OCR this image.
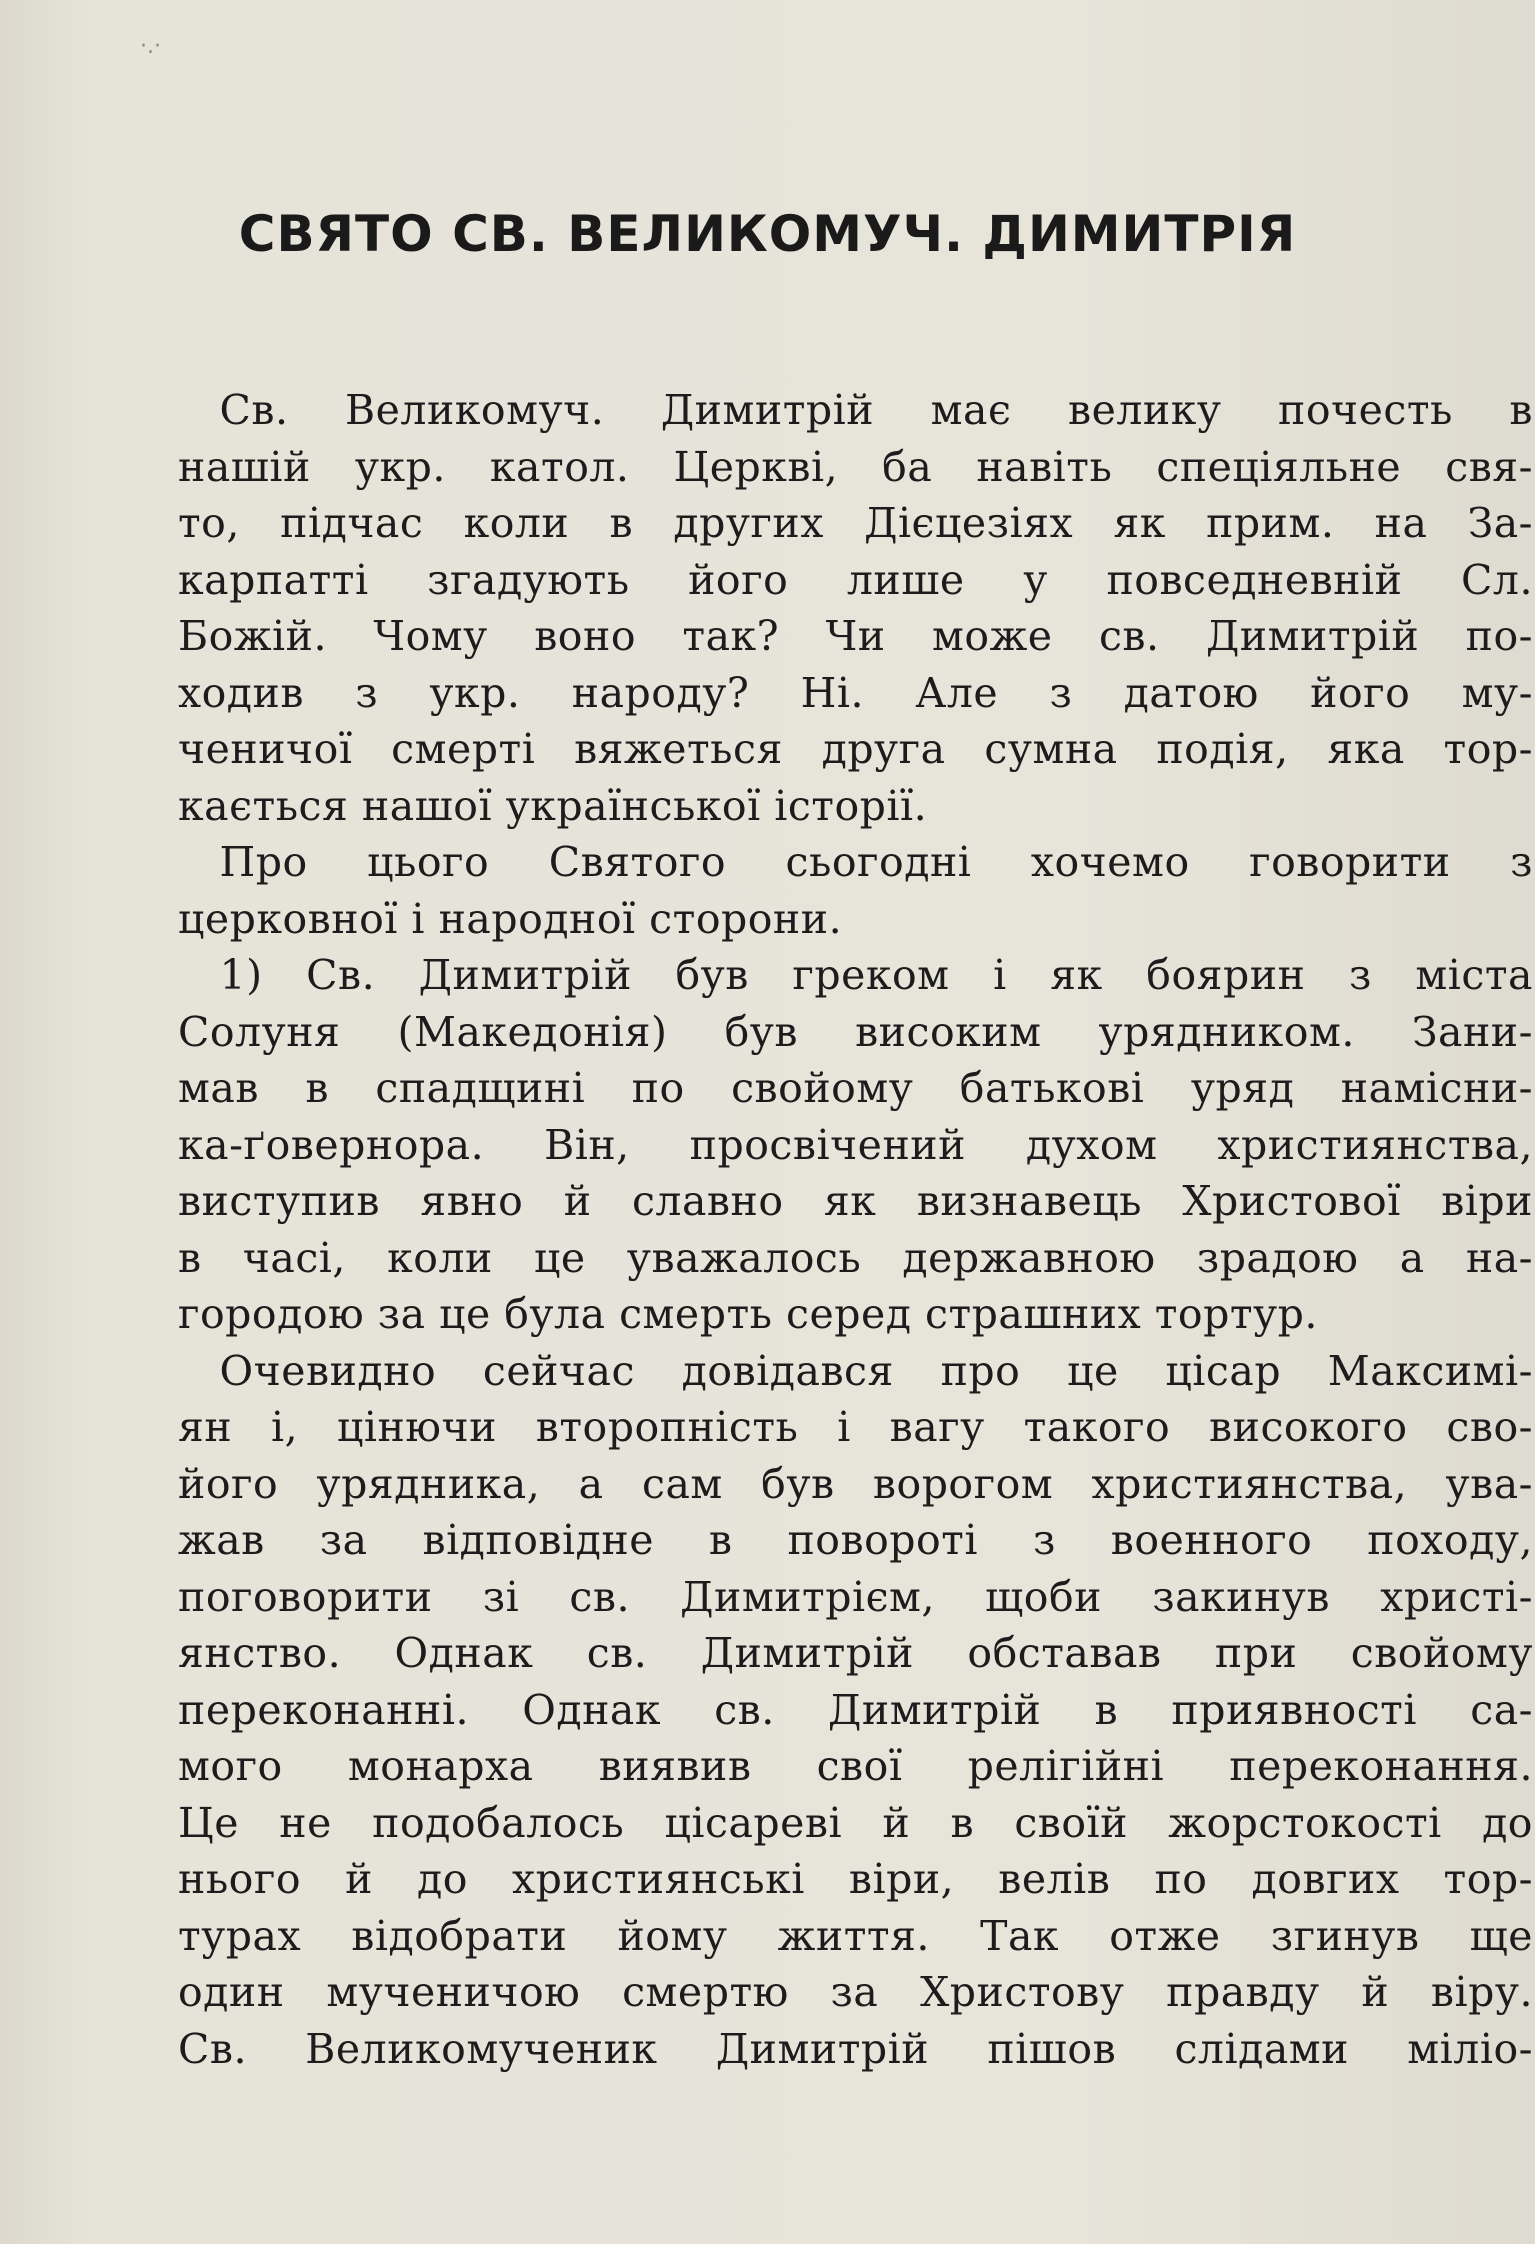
·.·
СВЯТО СВ. ВЕЛИКОМУЧ. ДИМИТРІЯ
 Св. Великомуч. Димитрій має велику почесть в
нашій укр. катол. Церкві, ба навіть спеціяльне свя-
то, підчас коли в других Дієцезіях як прим. на За-
карпатті згадують його лише у повседневній Сл.
Божій. Чому воно так? Чи може св. Димитрій по-
ходив з укр. народу? Ні. Але з датою його му-
ченичої смерті вяжеться друга сумна подія, яка тор-
кається нашої української історії.
 Про цього Святого сьогодні хочемо говорити з
церковної і народної сторони.
 1) Св. Димитрій був греком і як боярин з міста
Солуня (Македонія) був високим урядником. Зани-
мав в спадщині по свойому батькові уряд намісни-
ка-ґовернора. Він, просвічений духом християнства,
виступив явно й славно як визнавець Христової віри
в часі, коли це уважалось державною зрадою а на-
городою за це була смерть серед страшних тортур.
 Очевидно сейчас довідався про це цісар Максимі-
ян і, цінючи второпність і вагу такого високого сво-
його урядника, а сам був ворогом християнства, ува-
жав за відповідне в повороті з военного походу,
поговорити зі св. Димитрієм, щоби закинув христі-
янство. Однак св. Димитрій обставав при свойому
переконанні. Однак св. Димитрій в приявності са-
мого монарха виявив свої релігійні переконання.
Це не подобалось цісареві й в своїй жорстокості до
нього й до християнські віри, велів по довгих тор-
турах відобрати йому життя. Так отже згинув ще
один мученичою смертю за Христову правду й віру.
Св. Великомученик Димитрій пішов слідами міліо-
